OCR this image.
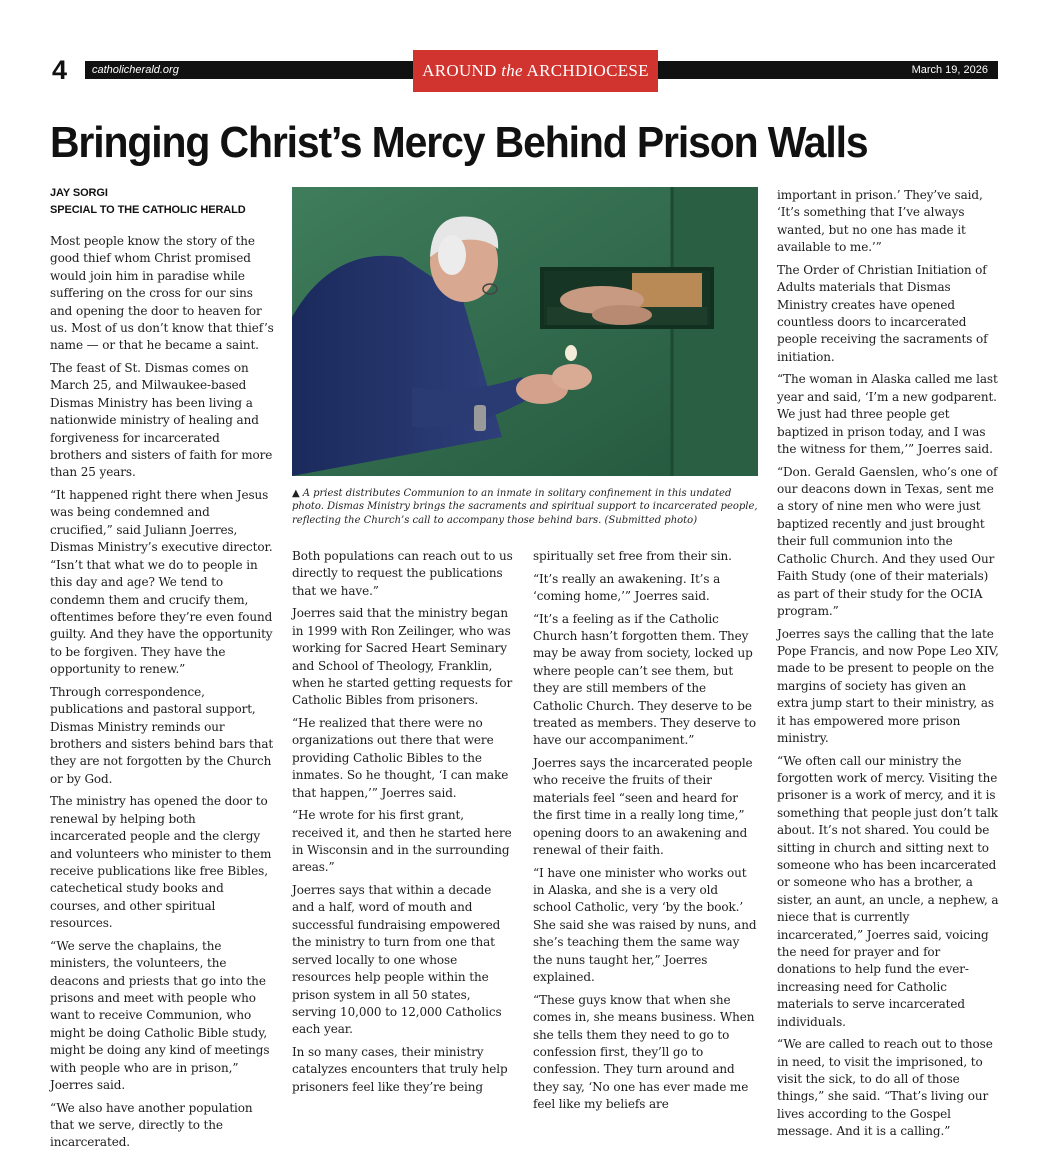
4 catholicherald.org	March 19, 2026
AROUND the ARCHDIOCESE
Bringing Christ’s Mercy Behind Prison Walls
JAY SORGI
SPECIAL TO THE CATHOLIC HERALD

Most people know the story of the good thief whom Christ promised would join him in paradise while suffering on the cross for our sins and opening the door to heaven for us. Most of us don’t know that thief’s name — or that he became a saint.

The feast of St. Dismas comes on March 25, and Milwaukee-based Dismas Ministry has been living a nationwide ministry of healing and forgiveness for incarcerated brothers and sisters of faith for more than 25 years.

“It happened right there when Jesus was being condemned and crucified,” said Juliann Joerres, Dismas Ministry’s executive director. “Isn’t that what we do to people in this day and age? We tend to condemn them and crucify them, oftentimes before they’re even found guilty. And they have the opportunity to be forgiven. They have the opportunity to renew.”

Through correspondence, publications and pastoral support, Dismas Ministry reminds our brothers and sisters behind bars that they are not forgotten by the Church or by God.

The ministry has opened the door to renewal by helping both incarcerated people and the clergy and volunteers who minister to them receive publications like free Bibles, catechetical study books and courses, and other spiritual resources.

“We serve the chaplains, the ministers, the volunteers, the deacons and priests that go into the prisons and meet with people who want to receive Communion, who might be doing Catholic Bible study, might be doing any kind of meetings with people who are in prison,” Joerres said.

“We also have another population that we serve, directly to the incarcerated.

▲ A priest distributes Communion to an inmate in solitary confinement in this undated photo. Dismas Ministry brings the sacraments and spiritual support to incarcerated people, reflecting the Church’s call to accompany those behind bars. (Submitted photo)

Both populations can reach out to us directly to request the publications that we have.”

Joerres said that the ministry began in 1999 with Ron Zeilinger, who was working for Sacred Heart Seminary and School of Theology, Franklin, when he started getting requests for Catholic Bibles from prisoners.

“He realized that there were no organizations out there that were providing Catholic Bibles to the inmates. So he thought, ‘I can make that happen,’” Joerres said.

“He wrote for his first grant, received it, and then he started here in Wisconsin and in the surrounding areas.”

Joerres says that within a decade and a half, word of mouth and successful fundraising empowered the ministry to turn from one that served locally to one whose resources help people within the prison system in all 50 states, serving 10,000 to 12,000 Catholics each year.

In so many cases, their ministry catalyzes encounters that truly help prisoners feel like they’re being

spiritually set free from their sin.

“It’s really an awakening. It’s a ‘coming home,’” Joerres said.

“It’s a feeling as if the Catholic Church hasn’t forgotten them. They may be away from society, locked up where people can’t see them, but they are still members of the Catholic Church. They deserve to be treated as members. They deserve to have our accompaniment.”

Joerres says the incarcerated people who receive the fruits of their materials feel “seen and heard for the first time in a really long time,” opening doors to an awakening and renewal of their faith.

“I have one minister who works out in Alaska, and she is a very old school Catholic, very ‘by the book.’ She said she was raised by nuns, and she’s teaching them the same way the nuns taught her,” Joerres explained.

“These guys know that when she comes in, she means business. When she tells them they need to go to confession first, they’ll go to confession. They turn around and they say, ‘No one has ever made me feel like my beliefs are

important in prison.’ They’ve said, ‘It’s something that I’ve always wanted, but no one has made it available to me.’”

The Order of Christian Initiation of Adults materials that Dismas Ministry creates have opened countless doors to incarcerated people receiving the sacraments of initiation.

“The woman in Alaska called me last year and said, ‘I’m a new godparent. We just had three people get baptized in prison today, and I was the witness for them,’” Joerres said.

“Don. Gerald Gaenslen, who’s one of our deacons down in Texas, sent me a story of nine men who were just baptized recently and just brought their full communion into the Catholic Church. And they used Our Faith Study (one of their materials) as part of their study for the OCIA program.”

Joerres says the calling that the late Pope Francis, and now Pope Leo XIV, made to be present to people on the margins of society has given an extra jump start to their ministry, as it has empowered more prison ministry.

“We often call our ministry the forgotten work of mercy. Visiting the prisoner is a work of mercy, and it is something that people just don’t talk about. It’s not shared. You could be sitting in church and sitting next to someone who has been incarcerated or someone who has a brother, a sister, an aunt, an uncle, a nephew, a niece that is currently incarcerated,” Joerres said, voicing the need for prayer and for donations to help fund the ever-increasing need for Catholic materials to serve incarcerated individuals.

“We are called to reach out to those in need, to visit the imprisoned, to visit the sick, to do all of those things,” she said. “That’s living our lives according to the Gospel message. And it is a calling.”
